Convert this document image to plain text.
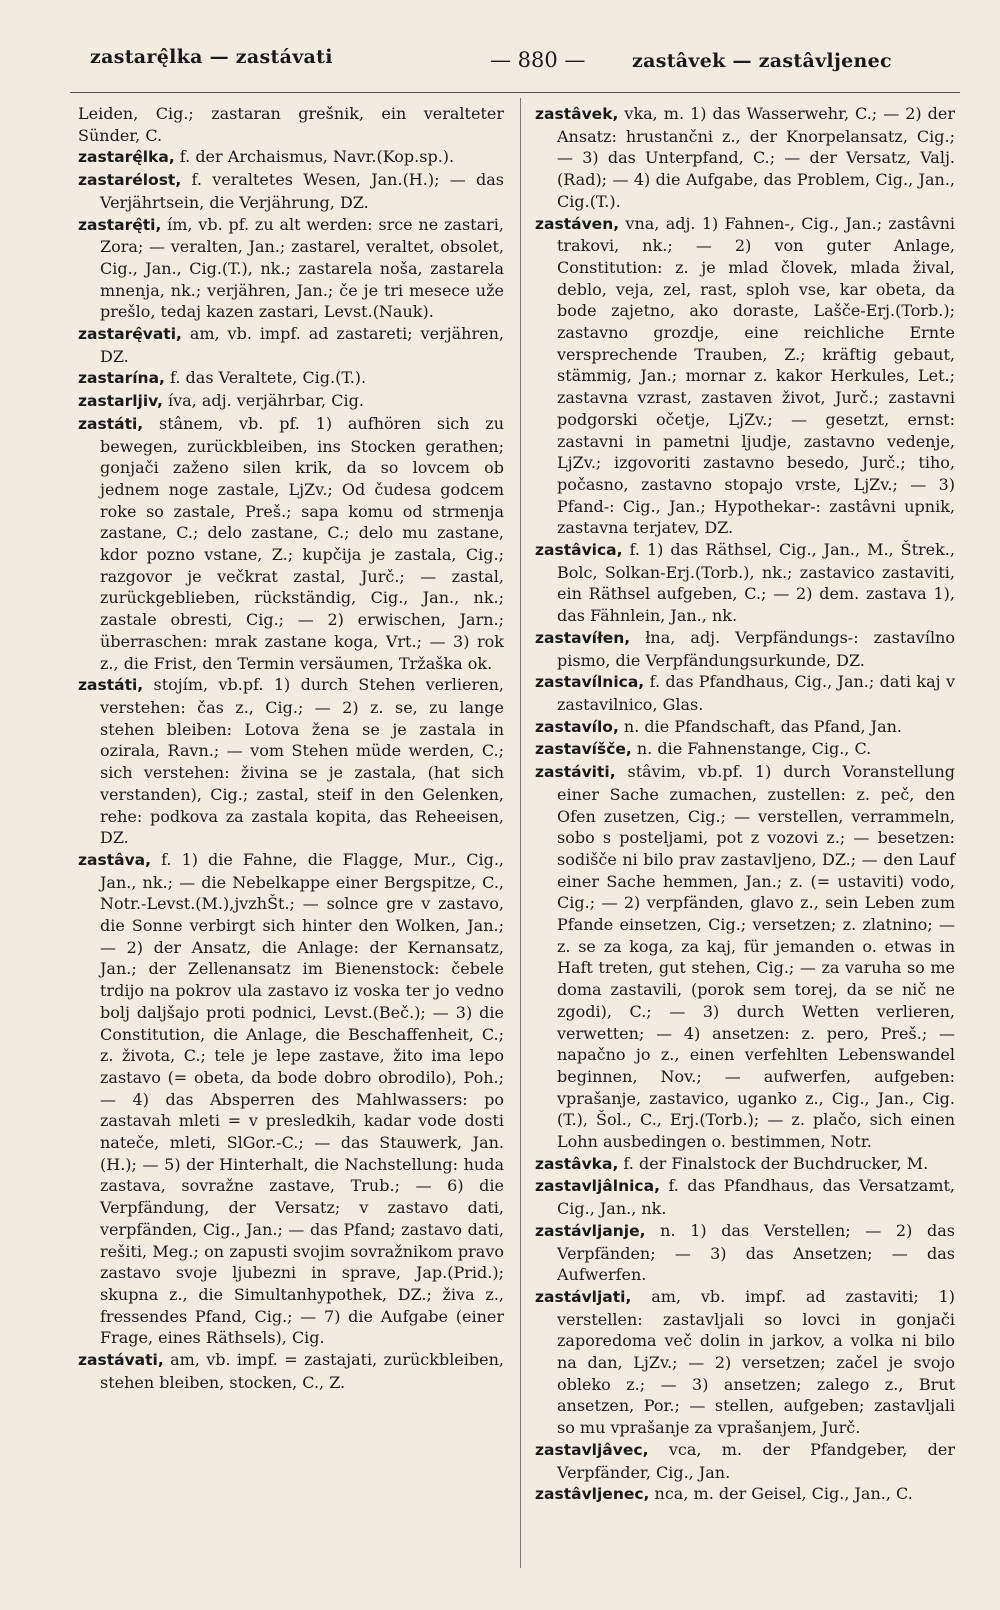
zastarę̂lka — zastávati	— 880 — zastâvek — zastâvljenec

Leiden, Cig.; zastaran grešnik, ein veralteter Sünder, C.

zastarę̂lka, f. der Archaismus, Navr.(Kop.sp.).

zastarélost, f. veraltetes Wesen, Jan.(H.); — das Verjährtsein, die Verjährung, DZ.

zastarę̂ti, ím, vb. pf. zu alt werden: srce ne zastari, Zora; — veralten, Jan.; zastarel, veraltet, obsolet, Cig., Jan., Cig.(T.), nk.; zastarela noša, zastarela mnenja, nk.; verjähren, Jan.; če je tri mesece uže prešlo, tedaj kazen zastari, Levst.(Nauk).

zastarę̂vati, am, vb. impf. ad zastareti; verjähren, DZ.

zastarína, f. das Veraltete, Cig.(T.).

zastarljiv, íva, adj. verjährbar, Cig.

zastáti, stânem, vb. pf. 1) aufhören sich zu bewegen, zurückbleiben, ins Stocken gerathen; gonjači zaženo silen krik, da so lovcem ob jednem noge zastale, LjZv.; Od čudesa godcem roke so zastale, Preš.; sapa komu od strmenja zastane, C.; delo zastane, C.; delo mu zastane, kdor pozno vstane, Z.; kupčija je zastala, Cig.; razgovor je večkrat zastal, Jurč.; — zastal, zurückgeblieben, rückständig, Cig., Jan., nk.; zastale obresti, Cig.; — 2) erwischen, Jarn.; überraschen: mrak zastane koga, Vrt.; — 3) rok z., die Frist, den Termin versäumen, Tržaška ok.

zastáti, stojím, vb.pf. 1) durch Stehen verlieren, verstehen: čas z., Cig.; — 2) z. se, zu lange stehen bleiben: Lotova žena se je zastala in ozirala, Ravn.; — vom Stehen müde werden, C.; sich verstehen: živina se je zastala, (hat sich verstanden), Cig.; zastal, steif in den Gelenken, rehe: podkova za zastala kopita, das Reheeisen, DZ.

zastâva, f. 1) die Fahne, die Flagge, Mur., Cig., Jan., nk.; — die Nebelkappe einer Bergspitze, C., Notr.-Levst.(M.),jvzhŠt.; — solnce gre v zastavo, die Sonne verbirgt sich hinter den Wolken, Jan.; — 2) der Ansatz, die Anlage: der Kernansatz, Jan.; der Zellenansatz im Bienenstock: čebele trdijo na pokrov ula zastavo iz voska ter jo vedno bolj daljšajo proti podnici, Levst.(Beč.); — 3) die Constitution, die Anlage, die Beschaffenheit, C.; z. života, C.; tele je lepe zastave, žito ima lepo zastavo (= obeta, da bode dobro obrodilo), Poh.; — 4) das Absperren des Mahlwassers: po zastavah mleti = v presledkih, kadar vode dosti nateče, mleti, SlGor.-C.; — das Stauwerk, Jan.(H.); — 5) der Hinterhalt, die Nachstellung: huda zastava, sovražne zastave, Trub.; — 6) die Verpfändung, der Versatz; v zastavo dati, verpfänden, Cig., Jan.; — das Pfand; zastavo dati, rešiti, Meg.; on zapusti svojim sovražnikom pravo zastavo svoje ljubezni in sprave, Jap.(Prid.); skupna z., die Simultanhypothek, DZ.; živa z., fressendes Pfand, Cig.; — 7) die Aufgabe (einer Frage, eines Räthsels), Cig.

zastávati, am, vb. impf. = zastajati, zurückbleiben, stehen bleiben, stocken, C., Z.

zastâvek, vka, m. 1) das Wasserwehr, C.; — 2) der Ansatz: hrustančni z., der Knorpelansatz, Cig.; — 3) das Unterpfand, C.; — der Versatz, Valj.(Rad); — 4) die Aufgabe, das Problem, Cig., Jan., Cig.(T.).

zastáven, vna, adj. 1) Fahnen-, Cig., Jan.; zastâvni trakovi, nk.; — 2) von guter Anlage, Constitution: z. je mlad človek, mlada žival, deblo, veja, zel, rast, sploh vse, kar obeta, da bode zajetno, ako doraste, Lašče-Erj.(Torb.); zastavno grozdje, eine reichliche Ernte versprechende Trauben, Z.; kräftig gebaut, stämmig, Jan.; mornar z. kakor Herkules, Let.; zastavna vzrast, zastaven život, Jurč.; zastavni podgorski očetje, LjZv.; — gesetzt, ernst: zastavni in pametni ljudje, zastavno vedenje, LjZv.; izgovoriti zastavno besedo, Jurč.; tiho, počasno, zastavno stopajo vrste, LjZv.; — 3) Pfand-: Cig., Jan.; Hypothekar-: zastâvni upnik, zastavna terjatev, DZ.

zastâvica, f. 1) das Räthsel, Cig., Jan., M., Štrek., Bolc, Solkan-Erj.(Torb.), nk.; zastavico zastaviti, ein Räthsel aufgeben, C.; — 2) dem. zastava 1), das Fähnlein, Jan., nk.

zastavíłen, łna, adj. Verpfändungs-: zastavílno pismo, die Verpfändungsurkunde, DZ.

zastavílnica, f. das Pfandhaus, Cig., Jan.; dati kaj v zastavilnico, Glas.

zastavílo, n. die Pfandschaft, das Pfand, Jan.

zastavíšče, n. die Fahnenstange, Cig., C.

zastáviti, stâvim, vb.pf. 1) durch Voranstellung einer Sache zumachen, zustellen: z. peč, den Ofen zusetzen, Cig.; — verstellen, verrammeln, sobo s posteljami, pot z vozovi z.; — besetzen: sodišče ni bilo prav zastavljeno, DZ.; — den Lauf einer Sache hemmen, Jan.; z. (= ustaviti) vodo, Cig.; — 2) verpfänden, glavo z., sein Leben zum Pfande einsetzen, Cig.; versetzen; z. zlatnino; — z. se za koga, za kaj, für jemanden o. etwas in Haft treten, gut stehen, Cig.; — za varuha so me doma zastavili, (porok sem torej, da se nič ne zgodi), C.; — 3) durch Wetten verlieren, verwetten; — 4) ansetzen: z. pero, Preš.; — napačno jo z., einen verfehlten Lebenswandel beginnen, Nov.; — aufwerfen, aufgeben: vprašanje, zastavico, uganko z., Cig., Jan., Cig.(T.), Šol., C., Erj.(Torb.); — z. plačo, sich einen Lohn ausbedingen o. bestimmen, Notr.

zastâvka, f. der Finalstock der Buchdrucker, M.

zastavljâlnica, f. das Pfandhaus, das Versatzamt, Cig., Jan., nk.

zastávljanje, n. 1) das Verstellen; — 2) das Verpfänden; — 3) das Ansetzen; — das Aufwerfen.

zastávljati, am, vb. impf. ad zastaviti; 1) verstellen: zastavljali so lovci in gonjači zaporedoma več dolin in jarkov, a volka ni bilo na dan, LjZv.; — 2) versetzen; začel je svojo obleko z.; — 3) ansetzen; zalego z., Brut ansetzen, Por.; — stellen, aufgeben; zastavljali so mu vprašanje za vprašanjem, Jurč.

zastavljâvec, vca, m. der Pfandgeber, der Verpfänder, Cig., Jan.

zastâvljenec, nca, m. der Geisel, Cig., Jan., C.
